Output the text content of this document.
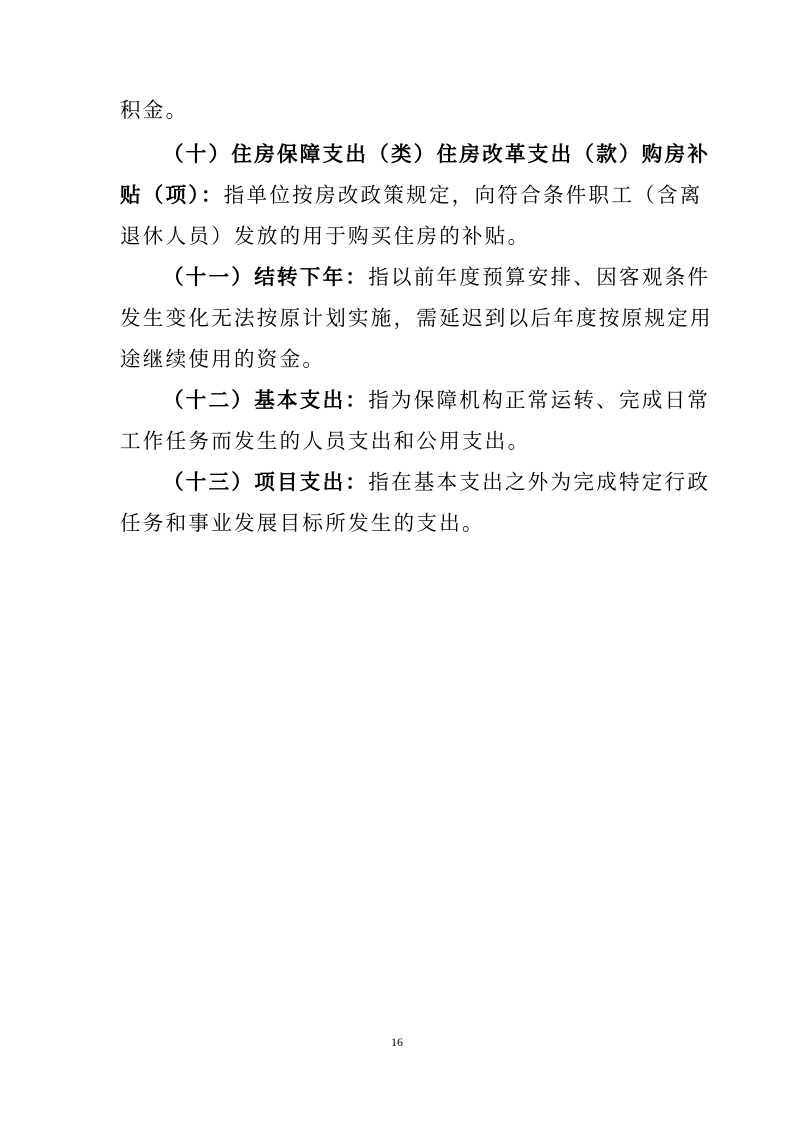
积金。
（十）住房保障支出（类）住房改革支出（款）购房补
贴（项）：指单位按房改政策规定，向符合条件职工（含离
退休人员）发放的用于购买住房的补贴。
（十一）结转下年：指以前年度预算安排、因客观条件
发生变化无法按原计划实施，需延迟到以后年度按原规定用
途继续使用的资金。
（十二）基本支出：指为保障机构正常运转、完成日常
工作任务而发生的人员支出和公用支出。
（十三）项目支出：指在基本支出之外为完成特定行政
任务和事业发展目标所发生的支出。
16
